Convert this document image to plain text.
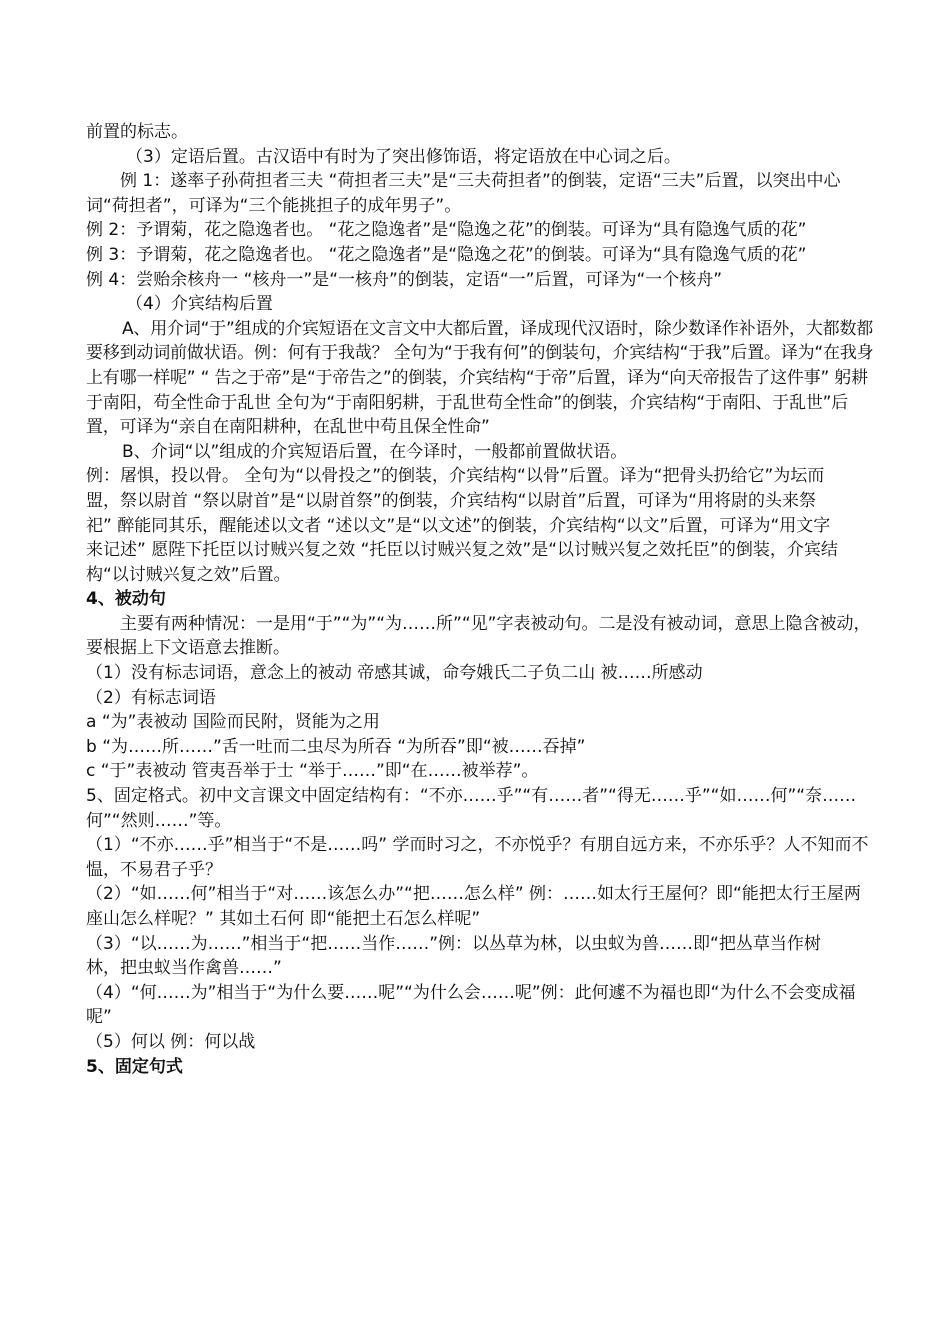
前置的标志。

（3）定语后置。古汉语中有时为了突出修饰语，将定语放在中心词之后。

例 1：遂率子孙荷担者三夫 “荷担者三夫”是“三夫荷担者”的倒装，定语“三夫”后置，以突出中心词“荷担者”，可译为“三个能挑担子的成年男子”。

例 2：予谓菊，花之隐逸者也。 “花之隐逸者”是“隐逸之花”的倒装。可译为“具有隐逸气质的花”

例 3：予谓菊，花之隐逸者也。 “花之隐逸者”是“隐逸之花”的倒装。可译为“具有隐逸气质的花”

例 4：尝贻余核舟一 “核舟一”是“一核舟”的倒装，定语“一”后置，可译为“一个核舟”

（4）介宾结构后置

A、用介词“于”组成的介宾短语在文言文中大都后置，译成现代汉语时，除少数译作补语外，大都数都要移到动词前做状语。例：何有于我哉？ 全句为“于我有何”的倒装句，介宾结构“于我”后置。译为“在我身上有哪一样呢” “ 告之于帝”是“于帝告之”的倒装，介宾结构“于帝”后置，译为“向天帝报告了这件事” 躬耕于南阳，苟全性命于乱世 全句为“于南阳躬耕，于乱世苟全性命”的倒装，介宾结构“于南阳、于乱世”后置，可译为“亲自在南阳耕种，在乱世中苟且保全性命”

B、介词“以”组成的介宾短语后置，在今译时，一般都前置做状语。

例：屠惧，投以骨。 全句为“以骨投之”的倒装，介宾结构“以骨”后置。译为“把骨头扔给它”为坛而盟，祭以尉首 “祭以尉首”是“以尉首祭”的倒装，介宾结构“以尉首”后置，可译为“用将尉的头来祭祀” 醉能同其乐，醒能述以文者 “述以文”是“以文述”的倒装，介宾结构“以文”后置，可译为“用文字来记述” 愿陛下托臣以讨贼兴复之效 “托臣以讨贼兴复之效”是“以讨贼兴复之效托臣”的倒装，介宾结构“以讨贼兴复之效”后置。

4、被动句

主要有两种情况：一是用“于”“为”“为……所”“见”字表被动句。二是没有被动词，意思上隐含被动，要根据上下文语意去推断。

（1）没有标志词语，意念上的被动 帝感其诚，命夸娥氏二子负二山 被……所感动

（2）有标志词语

a “为”表被动 国险而民附，贤能为之用

b “为……所……”舌一吐而二虫尽为所吞 “为所吞”即“被……吞掉”

c “于”表被动 管夷吾举于士 “举于……”即“在……被举荐”。

5、固定格式。初中文言课文中固定结构有：“不亦……乎”“有……者”“得无……乎”“如……何”“奈……何”“然则……”等。

（1）“不亦……乎”相当于“不是……吗” 学而时习之，不亦悦乎？有朋自远方来，不亦乐乎？人不知而不愠，不易君子乎？

（2）“如……何”相当于“对……该怎么办”“把……怎么样” 例：……如太行王屋何？即“能把太行王屋两座山怎么样呢？” 其如土石何 即“能把土石怎么样呢”

（3）“以……为……”相当于“把……当作……”例：以丛草为林，以虫蚁为兽……即“把丛草当作树林，把虫蚁当作禽兽……”

（4）“何……为”相当于“为什么要……呢”“为什么会……呢”例：此何遽不为福也即“为什么不会变成福呢”

（5）何以 例：何以战

5、固定句式
